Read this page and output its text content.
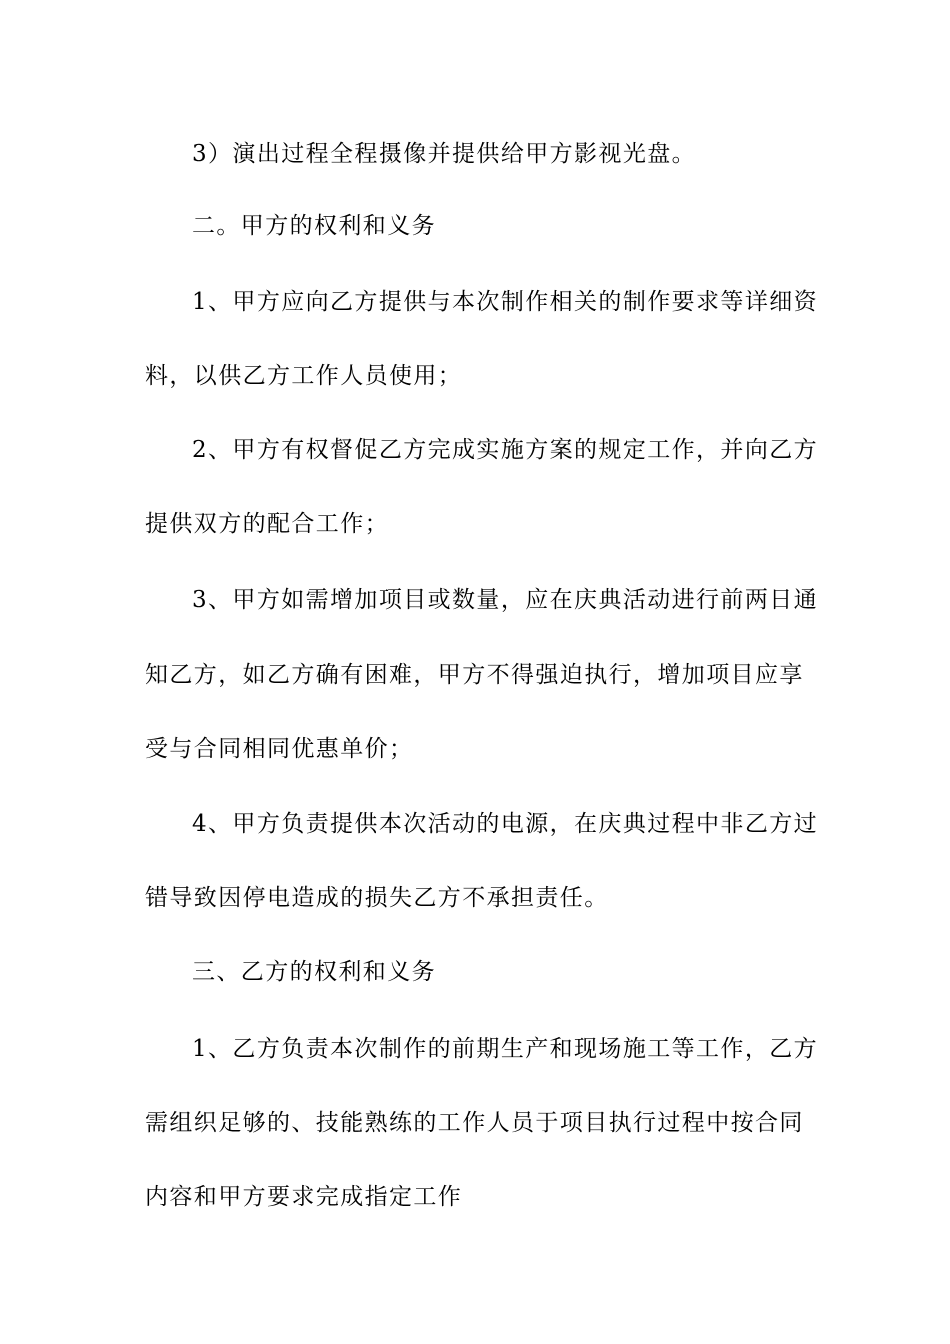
3）演出过程全程摄像并提供给甲方影视光盘。
二。甲方的权利和义务
1、甲方应向乙方提供与本次制作相关的制作要求等详细资
料，以供乙方工作人员使用；
2、甲方有权督促乙方完成实施方案的规定工作，并向乙方
提供双方的配合工作；
3、甲方如需增加项目或数量，应在庆典活动进行前两日通
知乙方，如乙方确有困难，甲方不得强迫执行，增加项目应享
受与合同相同优惠单价；
4、甲方负责提供本次活动的电源，在庆典过程中非乙方过
错导致因停电造成的损失乙方不承担责任。
三、乙方的权利和义务
1、乙方负责本次制作的前期生产和现场施工等工作，乙方
需组织足够的、技能熟练的工作人员于项目执行过程中按合同
内容和甲方要求完成指定工作
